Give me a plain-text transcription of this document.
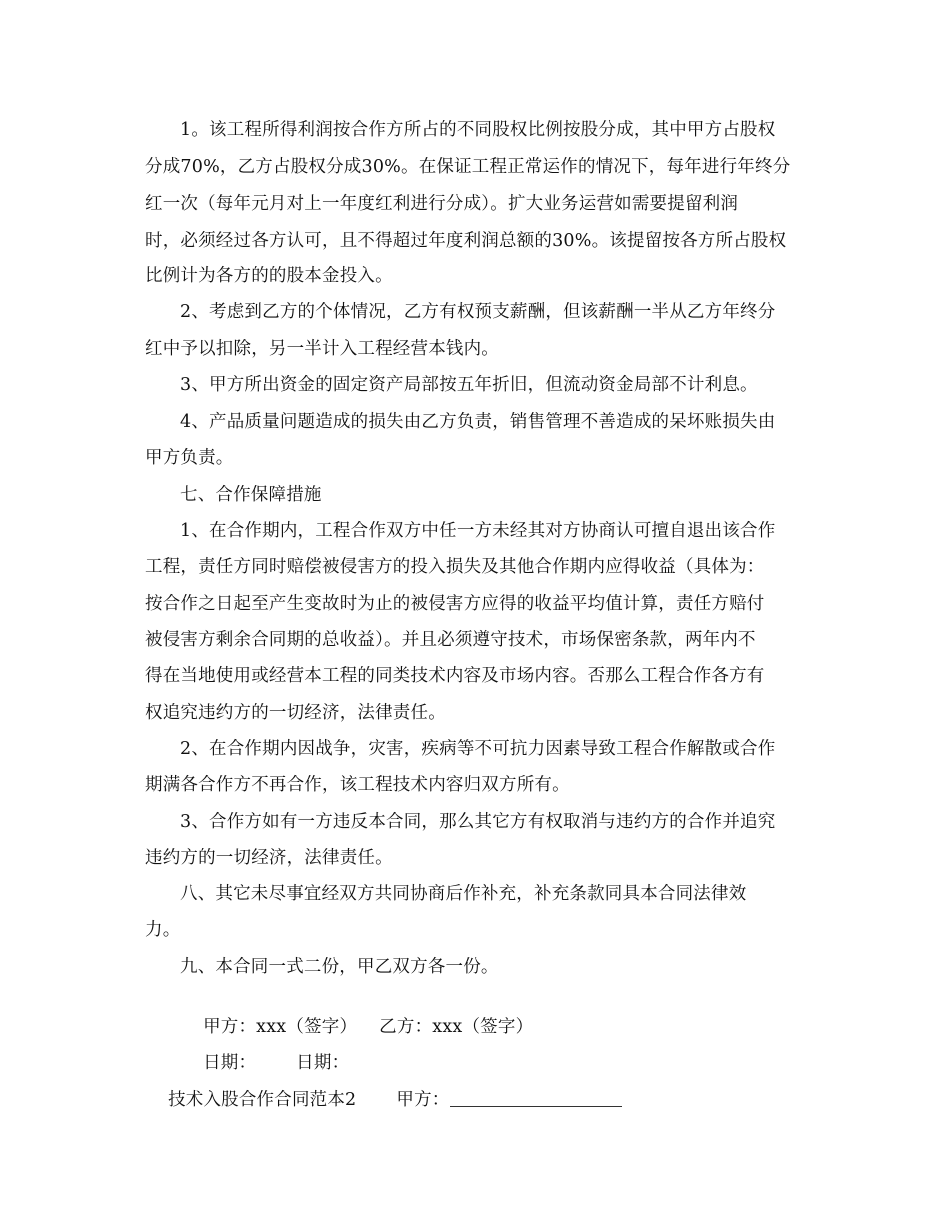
1。该工程所得利润按合作方所占的不同股权比例按股分成，其中甲方占股权
分成70%，乙方占股权分成30%。在保证工程正常运作的情况下，每年进行年终分
红一次（每年元月对上一年度红利进行分成）。扩大业务运营如需要提留利润
时，必须经过各方认可，且不得超过年度利润总额的30%。该提留按各方所占股权
比例计为各方的的股本金投入。
2、考虑到乙方的个体情况，乙方有权预支薪酬，但该薪酬一半从乙方年终分
红中予以扣除，另一半计入工程经营本钱内。
3、甲方所出资金的固定资产局部按五年折旧，但流动资金局部不计利息。
4、产品质量问题造成的损失由乙方负责，销售管理不善造成的呆坏账损失由
甲方负责。
七、合作保障措施
1、在合作期内，工程合作双方中任一方未经其对方协商认可擅自退出该合作
工程，责任方同时赔偿被侵害方的投入损失及其他合作期内应得收益（具体为：
按合作之日起至产生变故时为止的被侵害方应得的收益平均值计算，责任方赔付
被侵害方剩余合同期的总收益）。并且必须遵守技术，市场保密条款，两年内不
得在当地使用或经营本工程的同类技术内容及市场内容。否那么工程合作各方有
权追究违约方的一切经济，法律责任。
2、在合作期内因战争，灾害，疾病等不可抗力因素导致工程合作解散或合作
期满各合作方不再合作，该工程技术内容归双方所有。
3、合作方如有一方违反本合同，那么其它方有权取消与违约方的合作并追究
违约方的一切经济，法律责任。
八、其它未尽事宜经双方共同协商后作补充，补充条款同具本合同法律效
力。
九、本合同一式二份，甲乙双方各一份。

甲方：xxx（签字） 乙方：xxx（签字）

日期： 日期：

技术入股合作合同范本2 甲方：
